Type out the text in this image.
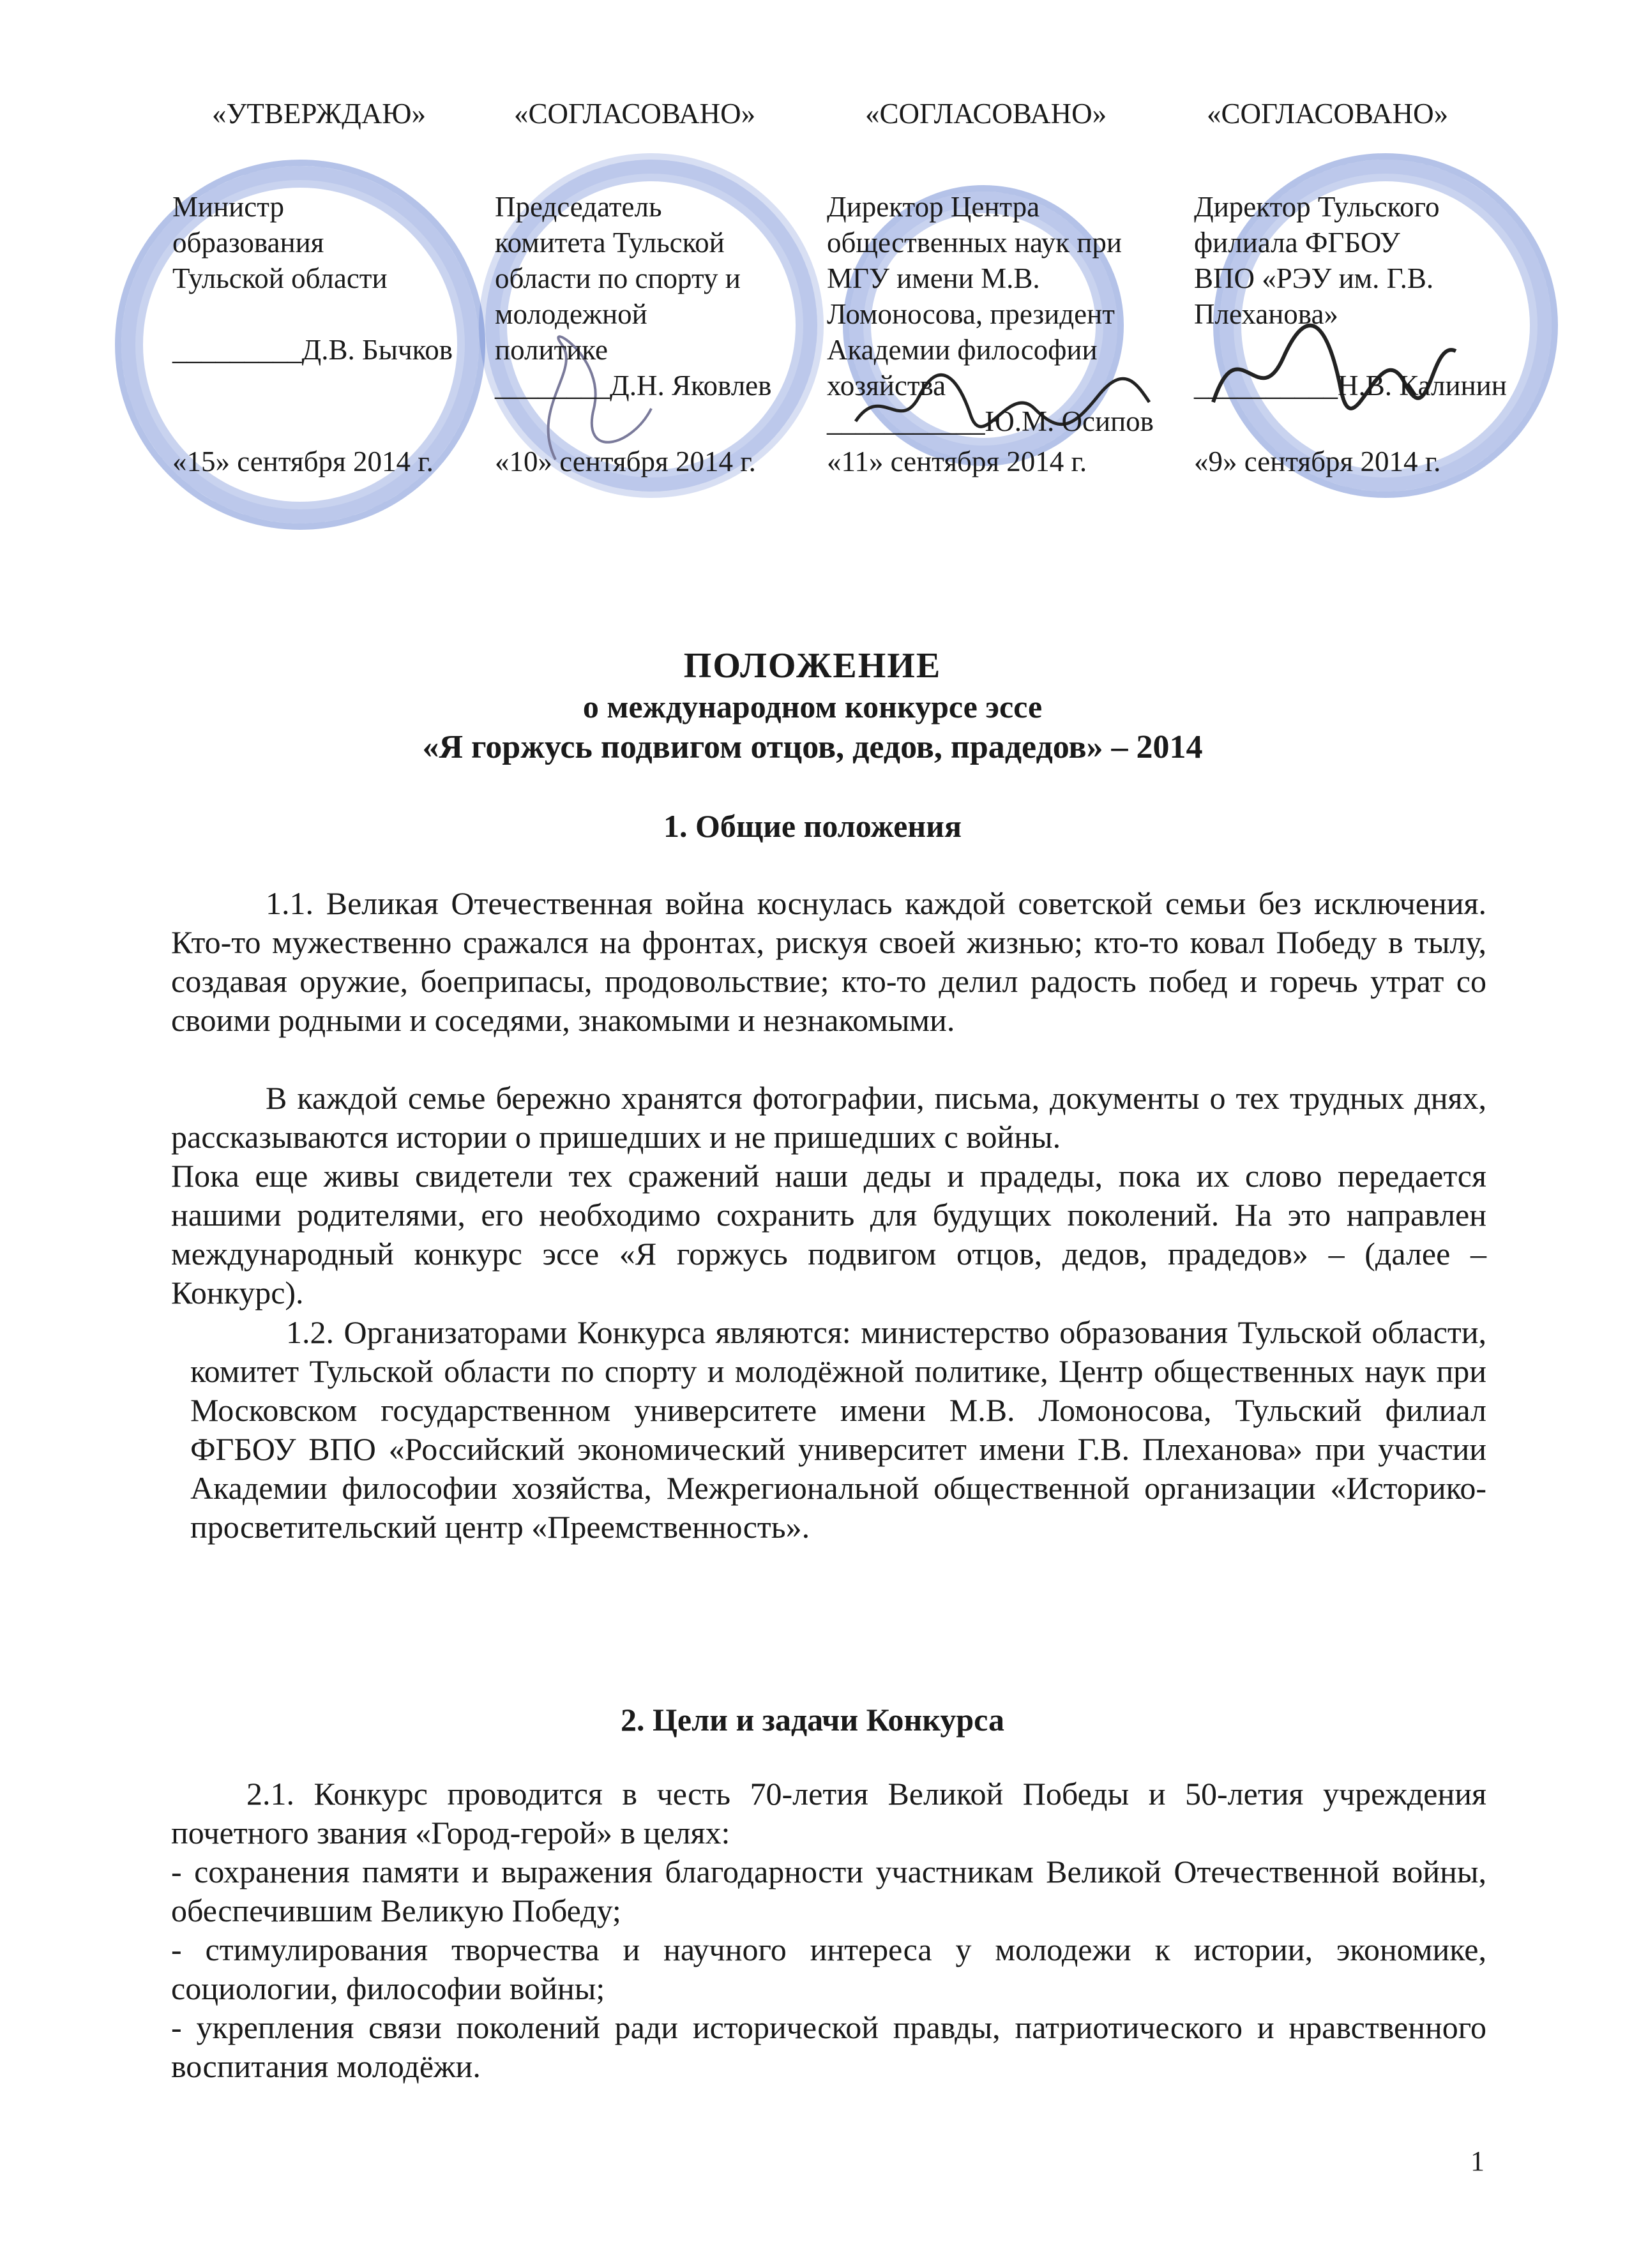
«УТВЕРЖДАЮ»
Министр
образования
Тульской области
_________Д.В. Бычков
«15» сентября 2014 г.
«СОГЛАСОВАНО»
Председатель
комитета Тульской
области по спорту и
молодежной
политике
________Д.Н. Яковлев
«10» сентября 2014 г.
«СОГЛАСОВАНО»
Директор Центра
общественных наук при
МГУ имени М.В.
Ломоносова, президент
Академии философии
хозяйства
___________Ю.М. Осипов
«11» сентября 2014 г.
«СОГЛАСОВАНО»
Директор Тульского
филиала ФГБОУ
ВПО «РЭУ им. Г.В.
Плеханова»
__________Н.В. Калинин
«9» сентября 2014 г.
ПОЛОЖЕНИЕ
о международном конкурсе эссе
«Я горжусь подвигом отцов, дедов, прадедов» – 2014
1. Общие положения
1.1. Великая Отечественная война коснулась каждой советской семьи без исключения. Кто-то мужественно сражался на фронтах, рискуя своей жизнью; кто-то ковал Победу в тылу, создавая оружие, боеприпасы, продовольствие; кто-то делил радость побед и горечь утрат со своими родными и соседями, знакомыми и незнакомыми.
В каждой семье бережно хранятся фотографии, письма, документы о тех трудных днях, рассказываются истории о пришедших и не пришедших с войны.
Пока еще живы свидетели тех сражений наши деды и прадеды, пока их слово передается нашими родителями, его необходимо сохранить для будущих поколений. На это направлен международный конкурс эссе «Я горжусь подвигом отцов, дедов, прадедов» – (далее – Конкурс).
1.2. Организаторами Конкурса являются: министерство образования Тульской области, комитет Тульской области по спорту и молодёжной политике, Центр общественных наук при Московском государственном университете имени М.В. Ломоносова, Тульский филиал ФГБОУ ВПО «Российский экономический университет имени Г.В. Плеханова» при участии Академии философии хозяйства, Межрегиональной общественной организации «Историко-просветительский центр «Преемственность».
2. Цели и задачи Конкурса
2.1. Конкурс проводится в честь 70-летия Великой Победы и 50-летия учреждения почетного звания «Город-герой» в целях:
- сохранения памяти и выражения благодарности участникам Великой Отечественной войны, обеспечившим Великую Победу;
- стимулирования творчества и научного интереса у молодежи к истории, экономике, социологии, философии войны;
- укрепления связи поколений ради исторической правды, патриотического и нравственного воспитания молодёжи.
1
